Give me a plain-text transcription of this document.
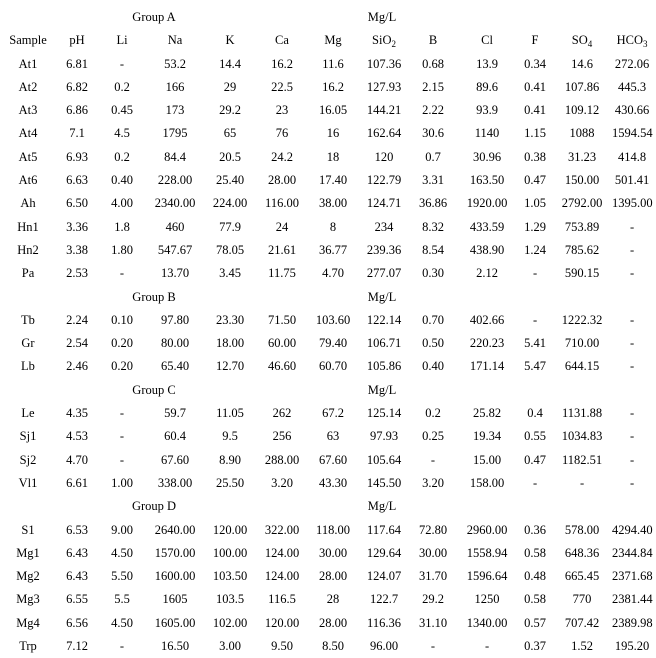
Group A						Mg/L						
Sample	pH	Li	Na	K	Ca	Mg	SiO$_2$	B	Cl	F	$SO_4$	$HCO_3$
At1	6.81	-	53.2	14.4	16.2	11.6	107.36	0.68	13.9	0.34	14.6	272.06
At2	6.82	0.2	166	29	22.5	16.2	127.93	2.15	89.6	0.41	107.86	445.3
At3	6.86	0.45	173	29.2	23	16.05	144.21	2.22	93.9	0.41	109.12	430.66
At4	7.1	4.5	1795	65	76	16	162.64	30.6	1140	1.15	1088	1594.54
At5	6.93	0.2	84.4	20.5	24.2	18	120	0.7	30.96	0.38	31.23	414.8
At6	6.63	0.40	228.00	25.40	28.00	17.40	122.79	3.31	163.50	0.47	150.00	501.41
Ah	6.50	4.00	2340.00	224.00	116.00	38.00	124.71	36.86	1920.00	1.05	2792.00	1395.00
Hn1	3.36	1.8	460	77.9	24	8	234	8.32	433.59	1.29	753.89	-
Hn2	3.38	1.80	547.67	78.05	21.61	36.77	239.36	8.54	438.90	1.24	785.62	-
Pa	2.53	-	13.70	3.45	11.75	4.70	277.07	0.30	2.12	-	590.15	-
Group B						Mg/L						
Tb	2.24	0.10	97.80	23.30	71.50	103.60	122.14	0.70	402.66	-	1222.32	-
Gr	2.54	0.20	80.00	18.00	60.00	79.40	106.71	0.50	220.23	5.41	710.00	-
Lb	2.46	0.20	65.40	12.70	46.60	60.70	105.86	0.40	171.14	5.47	644.15	-
Group C						Mg/L						
Le	4.35	-	59.7	11.05	262	67.2	125.14	0.2	25.82	0.4	1131.88	-
Sj1	4.53	-	60.4	9.5	256	63	97.93	0.25	19.34	0.55	1034.83	-
Sj2	4.70	-	67.60	8.90	288.00	67.60	105.64	-	15.00	0.47	1182.51	-
Vl1	6.61	1.00	338.00	25.50	3.20	43.30	145.50	3.20	158.00	-	-	-
Group D						Mg/L						
S1	6.53	9.00	2640.00	120.00	322.00	118.00	117.64	72.80	2960.00	0.36	578.00	4294.40
Mg1	6.43	4.50	1570.00	100.00	124.00	30.00	129.64	30.00	1558.94	0.58	648.36	2344.84
Mg2	6.43	5.50	1600.00	103.50	124.00	28.00	124.07	31.70	1596.64	0.48	665.45	2371.68
Mg3	6.55	5.5	1605	103.5	116.5	28	122.7	29.2	1250	0.58	770	2381.44
Mg4	6.56	4.50	1605.00	102.00	120.00	28.00	116.36	31.10	1340.00	0.57	707.42	2389.98
Trp	7.12	-	16.50	3.00	9.50	8.50	96.00	-	-	0.37	1.52	195.20
